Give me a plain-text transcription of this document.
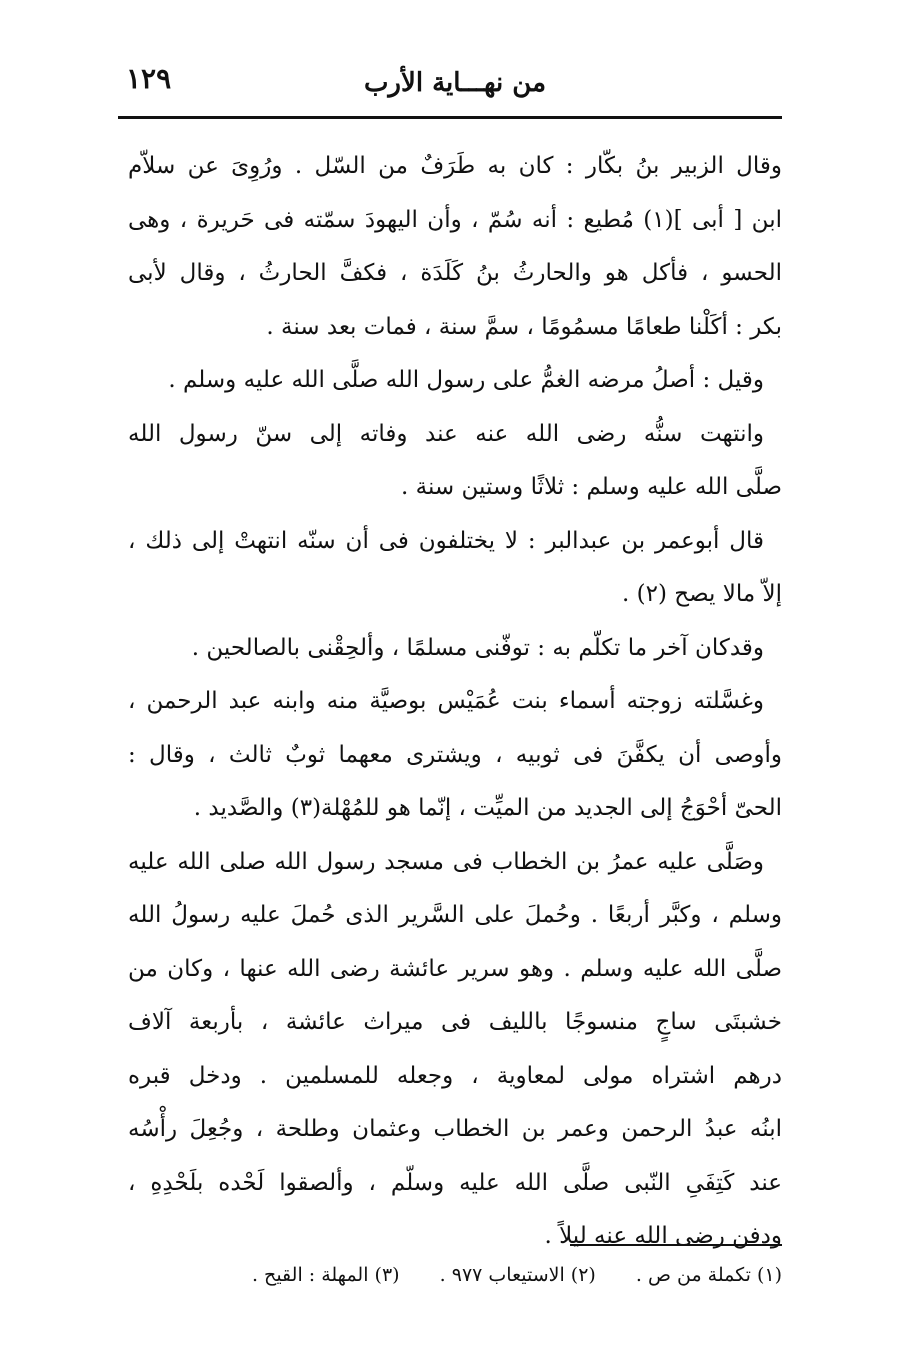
١٢٩	من نهـــاية الأرب
وقال الزبير بنُ بكّار : كان به طَرَفٌ من السّل . ورُوِىَ عن سلاّم
ابن [ أبى ](١) مُطيع : أنه سُمّ ، وأن اليهودَ سمّته فى حَريرة ، وهى
الحسو ، فأكل هو والحارثُ بنُ كَلَدَة ، فكفَّ الحارثُ ، وقال لأبى
بكر : أكَلْنا طعامًا مسمُومًا ، سمَّ سنة ، فمات بعد سنة .
وقيل : أصلُ مرضه الغمُّ على رسول الله صلَّى الله عليه وسلم .
وانتهت سنُّه رضى الله عنه عند وفاته إلى سنّ رسول الله
صلَّى الله عليه وسلم : ثلاثًا وستين سنة .
قال أبوعمر بن عبدالبر : لا يختلفون فى أن سنّه انتهتْ إلى ذلك ،
إلاّ مالا يصح (٢) .
وقدكان آخر ما تكلّم به : توفّنى مسلمًا ، وألحِقْنى بالصالحين .
وغسَّلته زوجته أسماء بنت عُمَيْس بوصيَّة منه وابنه عبد الرحمن ،
وأوصى أن يكفَّنَ فى ثوبيه ، ويشترى معهما ثوبٌ ثالث ، وقال :
الحىّ أحْوَجُ إلى الجديد من الميِّت ، إنّما هو للمُهْلة(٣) والصَّديد .
وصَلَّى عليه عمرُ بن الخطاب فى مسجد رسول الله صلى الله عليه
وسلم ، وكبَّر أربعًا . وحُملَ على السَّرير الذى حُملَ عليه رسولُ الله
صلَّى الله عليه وسلم . وهو سرير عائشة رضى الله عنها ، وكان من
خشبتَى ساجٍ منسوجًا بالليف فى ميراث عائشة ، بأربعة آلاف
درهم اشتراه مولى لمعاوية ، وجعله للمسلمين . ودخل قبره
ابنُه عبدُ الرحمن وعمر بن الخطاب وعثمان وطلحة ، وجُعِلَ رأْسُه
عند كَتِفَىِ النّبى صلَّى الله عليه وسلّم ، وألصقوا لَحْده بلَحْدِهِ ،
ودفن رضى الله عنه ليلاً .
(١) تكملة من ص . (٢) الاستيعاب ٩٧٧ . (٣) المهلة : القيح .
